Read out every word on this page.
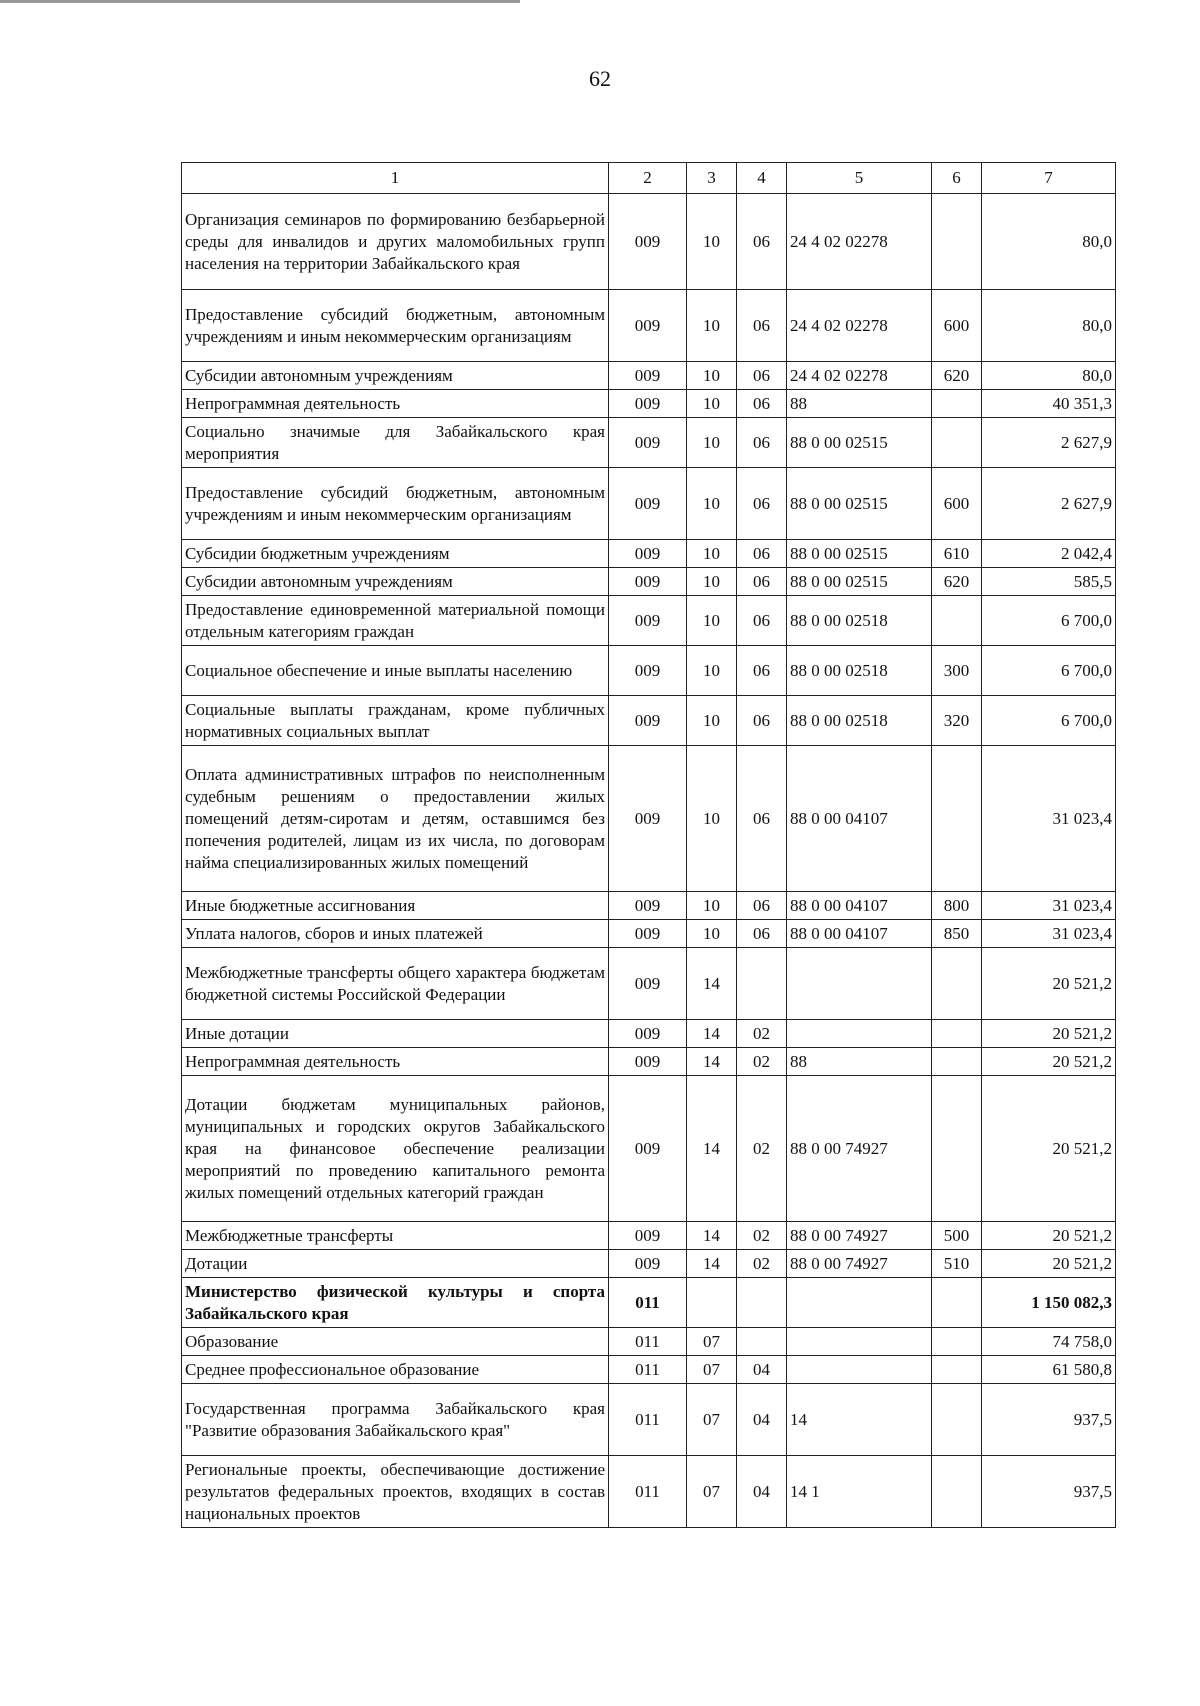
62
1	2	3	4	5	6	7
Организация семинаров по формированию безбарьерной среды для инвалидов и других маломобильных групп населения на территории Забайкальского края	009	10	06	24 4 02 02278		80,0
Предоставление субсидий бюджетным, автономным учреждениям и иным некоммерческим организациям	009	10	06	24 4 02 02278	600	80,0
Субсидии автономным учреждениям	009	10	06	24 4 02 02278	620	80,0
Непрограммная деятельность	009	10	06	88		40 351,3
Социально значимые для Забайкальского края мероприятия	009	10	06	88 0 00 02515		2 627,9
Предоставление субсидий бюджетным, автономным учреждениям и иным некоммерческим организациям	009	10	06	88 0 00 02515	600	2 627,9
Субсидии бюджетным учреждениям	009	10	06	88 0 00 02515	610	2 042,4
Субсидии автономным учреждениям	009	10	06	88 0 00 02515	620	585,5
Предоставление единовременной материальной помощи отдельным категориям граждан	009	10	06	88 0 00 02518		6 700,0
Социальное обеспечение и иные выплаты населению	009	10	06	88 0 00 02518	300	6 700,0
Социальные выплаты гражданам, кроме публичных нормативных социальных выплат	009	10	06	88 0 00 02518	320	6 700,0
Оплата административных штрафов по неисполненным судебным решениям о предоставлении жилых помещений детям-сиротам и детям, оставшимся без попечения родителей, лицам из их числа, по договорам найма специализированных жилых помещений	009	10	06	88 0 00 04107		31 023,4
Иные бюджетные ассигнования	009	10	06	88 0 00 04107	800	31 023,4
Уплата налогов, сборов и иных платежей	009	10	06	88 0 00 04107	850	31 023,4
Межбюджетные трансферты общего характера бюджетам бюджетной системы Российской Федерации	009	14				20 521,2
Иные дотации	009	14	02			20 521,2
Непрограммная деятельность	009	14	02	88		20 521,2
Дотации бюджетам муниципальных районов, муниципальных и городских округов Забайкальского края на финансовое обеспечение реализации мероприятий по проведению капитального ремонта жилых помещений отдельных категорий граждан	009	14	02	88 0 00 74927		20 521,2
Межбюджетные трансферты	009	14	02	88 0 00 74927	500	20 521,2
Дотации	009	14	02	88 0 00 74927	510	20 521,2
Министерство физической культуры и спорта Забайкальского края	011					1 150 082,3
Образование	011	07				74 758,0
Среднее профессиональное образование	011	07	04			61 580,8
Государственная программа Забайкальского края "Развитие образования Забайкальского края"	011	07	04	14		937,5
Региональные проекты, обеспечивающие достижение результатов федеральных проектов, входящих в состав национальных проектов	011	07	04	14 1		937,5
